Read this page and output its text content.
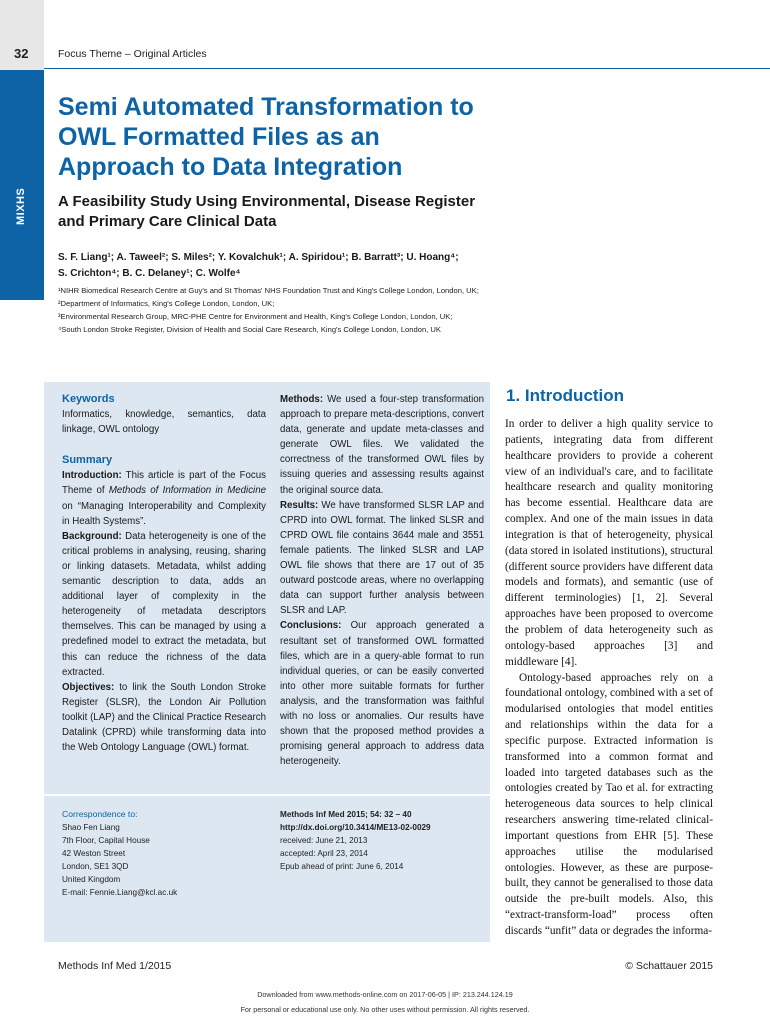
MIXHS
32	Focus Theme – Original Articles
Semi Automated Transformation to OWL Formatted Files as an Approach to Data Integration
A Feasibility Study Using Environmental, Disease Register and Primary Care Clinical Data
S. F. Liang¹; A. Taweel²; S. Miles²; Y. Kovalchuk¹; A. Spiridou¹; B. Barratt³; U. Hoang⁴;
S. Crichton⁴; B. C. Delaney¹; C. Wolfe⁴
¹NIHR Biomedical Research Centre at Guy's and St Thomas' NHS Foundation Trust and King's College London, London, UK;
²Department of Informatics, King's College London, London, UK;
³Environmental Research Group, MRC-PHE Centre for Environment and Health, King's College London, London, UK;
⁴South London Stroke Register, Division of Health and Social Care Research, King's College London, London, UK
Keywords
Informatics, knowledge, semantics, data linkage, OWL ontology
Summary
Introduction: This article is part of the Focus Theme of Methods of Information in Medicine on “Managing Interoperability and Complexity in Health Systems”.
Background: Data heterogeneity is one of the critical problems in analysing, reusing, sharing or linking datasets. Metadata, whilst adding semantic description to data, adds an additional layer of complexity in the heterogeneity of metadata descriptors themselves. This can be managed by using a predefined model to extract the metadata, but this can reduce the richness of the data extracted.
Objectives: to link the South London Stroke Register (SLSR), the London Air Pollution toolkit (LAP) and the Clinical Practice Research Datalink (CPRD) while transforming data into the Web Ontology Language (OWL) format.
Methods: We used a four-step transformation approach to prepare meta-descriptions, convert data, generate and update meta-classes and generate OWL files. We validated the correctness of the transformed OWL files by issuing queries and assessing results against the original source data.
Results: We have transformed SLSR LAP and CPRD into OWL format. The linked SLSR and CPRD OWL file contains 3644 male and 3551 female patients. The linked SLSR and LAP OWL file shows that there are 17 out of 35 outward postcode areas, where no overlapping data can support further analysis between SLSR and LAP.
Conclusions: Our approach generated a resultant set of transformed OWL formatted files, which are in a query-able format to run individual queries, or can be easily converted into other more suitable formats for further analysis, and the transformation was faithful with no loss or anomalies. Our results have shown that the proposed method provides a promising general approach to address data heterogeneity.
Correspondence to:
Shao Fen Liang
7th Floor, Capital House
42 Weston Street
London, SE1 3QD
United Kingdom
E-mail: Fennie.Liang@kcl.ac.uk
Methods Inf Med 2015; 54: 32 – 40
http://dx.doi.org/10.3414/ME13-02-0029
received: June 21, 2013
accepted: April 23, 2014
Epub ahead of print: June 6, 2014
1. Introduction

In order to deliver a high quality service to patients, integrating data from different healthcare providers to provide a coherent view of an individual's care, and to facilitate healthcare research and quality monitoring has become essential. Healthcare data are complex. And one of the main issues in data integration is that of heterogeneity, physical (data stored in isolated institutions), structural (different source providers have different data models and formats), and semantic (use of different terminologies) [1, 2]. Several approaches have been proposed to overcome the problem of data heterogeneity such as ontology-based approaches [3] and middleware [4].

Ontology-based approaches rely on a foundational ontology, combined with a set of modularised ontologies that model entities and relationships within the data for a specific purpose. Extracted information is transformed into a common format and loaded into targeted databases such as the ontologies created by Tao et al. for extracting heterogeneous data sources to help clinical researchers answering time-related clinical-important questions from EHR [5]. These approaches utilise the modularised ontologies. However, as these are purpose-built, they cannot be generalised to those data outside the pre-built models. Also, this “extract-transform-load” process often discards “unfit” data or degrades the informa-

Methods Inf Med 1/2015	© Schattauer 2015
Downloaded from www.methods-online.com on 2017-06-05 | IP: 213.244.124.19
For personal or educational use only. No other uses without permission. All rights reserved.
